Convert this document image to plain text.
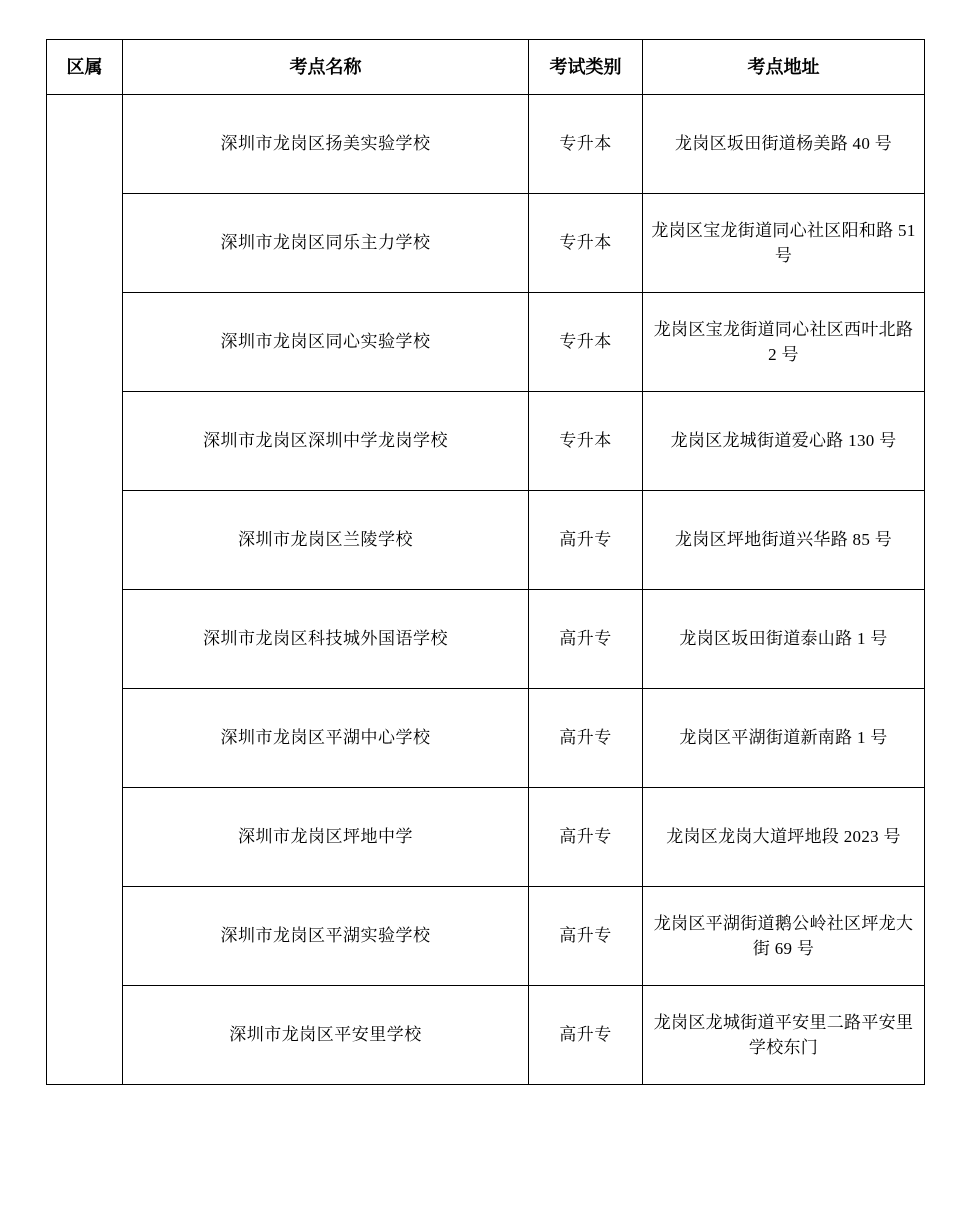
区属	考点名称	考试类别	考点地址
	深圳市龙岗区扬美实验学校	专升本	龙岗区坂田街道杨美路 40 号
	深圳市龙岗区同乐主力学校	专升本	龙岗区宝龙街道同心社区阳和路 51 号
	深圳市龙岗区同心实验学校	专升本	龙岗区宝龙街道同心社区西叶北路 2 号
	深圳市龙岗区深圳中学龙岗学校	专升本	龙岗区龙城街道爱心路 130 号
	深圳市龙岗区兰陵学校	高升专	龙岗区坪地街道兴华路 85 号
	深圳市龙岗区科技城外国语学校	高升专	龙岗区坂田街道泰山路 1 号
	深圳市龙岗区平湖中心学校	高升专	龙岗区平湖街道新南路 1 号
	深圳市龙岗区坪地中学	高升专	龙岗区龙岗大道坪地段 2023 号
	深圳市龙岗区平湖实验学校	高升专	龙岗区平湖街道鹅公岭社区坪龙大街 69 号
	深圳市龙岗区平安里学校	高升专	龙岗区龙城街道平安里二路平安里学校东门
